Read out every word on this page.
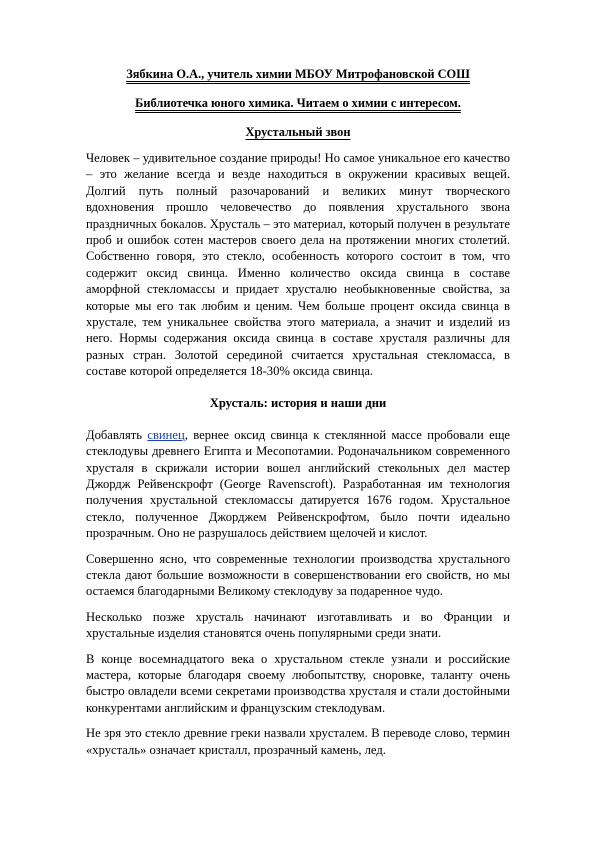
Зябкина О.А., учитель химии МБОУ Митрофановской СОШ

Библиотечка юного химика. Читаем о химии с интересом.

Хрустальный звон

Человек – удивительное создание природы! Но самое уникальное его качество – это желание всегда и везде находиться в окружении красивых вещей. Долгий путь полный разочарований и великих минут творческого вдохновения прошло человечество до появления хрустального звона праздничных бокалов. Хрусталь – это материал, который получен в результате проб и ошибок сотен мастеров своего дела на протяжении многих столетий. Собственно говоря, это стекло, особенность которого состоит в том, что содержит оксид свинца. Именно количество оксида свинца в составе аморфной стекломассы и придает хрусталю необыкновенные свойства, за которые мы его так любим и ценим. Чем больше процент оксида свинца в хрустале, тем уникальнее свойства этого материала, а значит и изделий из него. Нормы содержания оксида свинца в составе хрусталя различны для разных стран. Золотой серединой считается хрустальная стекломасса, в составе которой определяется 18-30% оксида свинца.

Хрусталь: история и наши дни

Добавлять свинец, вернее оксид свинца к стеклянной массе пробовали еще стеклодувы древнего Египта и Месопотамии. Родоначальником современного хрусталя в скрижали истории вошел английский стекольных дел мастер Джордж Рейвенскрофт (George Ravenscroft). Разработанная им технология получения хрустальной стекломассы датируется 1676 годом. Хрустальное стекло, полученное Джорджем Рейвенскрофтом, было почти идеально прозрачным. Оно не разрушалось действием щелочей и кислот.

Совершенно ясно, что современные технологии производства хрустального стекла дают большие возможности в совершенствовании его свойств, но мы остаемся благодарными Великому стеклодуву за подаренное чудо.

Несколько позже хрусталь начинают изготавливать и во Франции и хрустальные изделия становятся очень популярными среди знати.

В конце восемнадцатого века о хрустальном стекле узнали и российские мастера, которые благодаря своему любопытству, сноровке, таланту очень быстро овладели всеми секретами производства хрусталя и стали достойными конкурентами английским и французским стеклодувам.

Не зря это стекло древние греки назвали хрусталем. В переводе слово, термин «хрусталь» означает кристалл, прозрачный камень, лед.
